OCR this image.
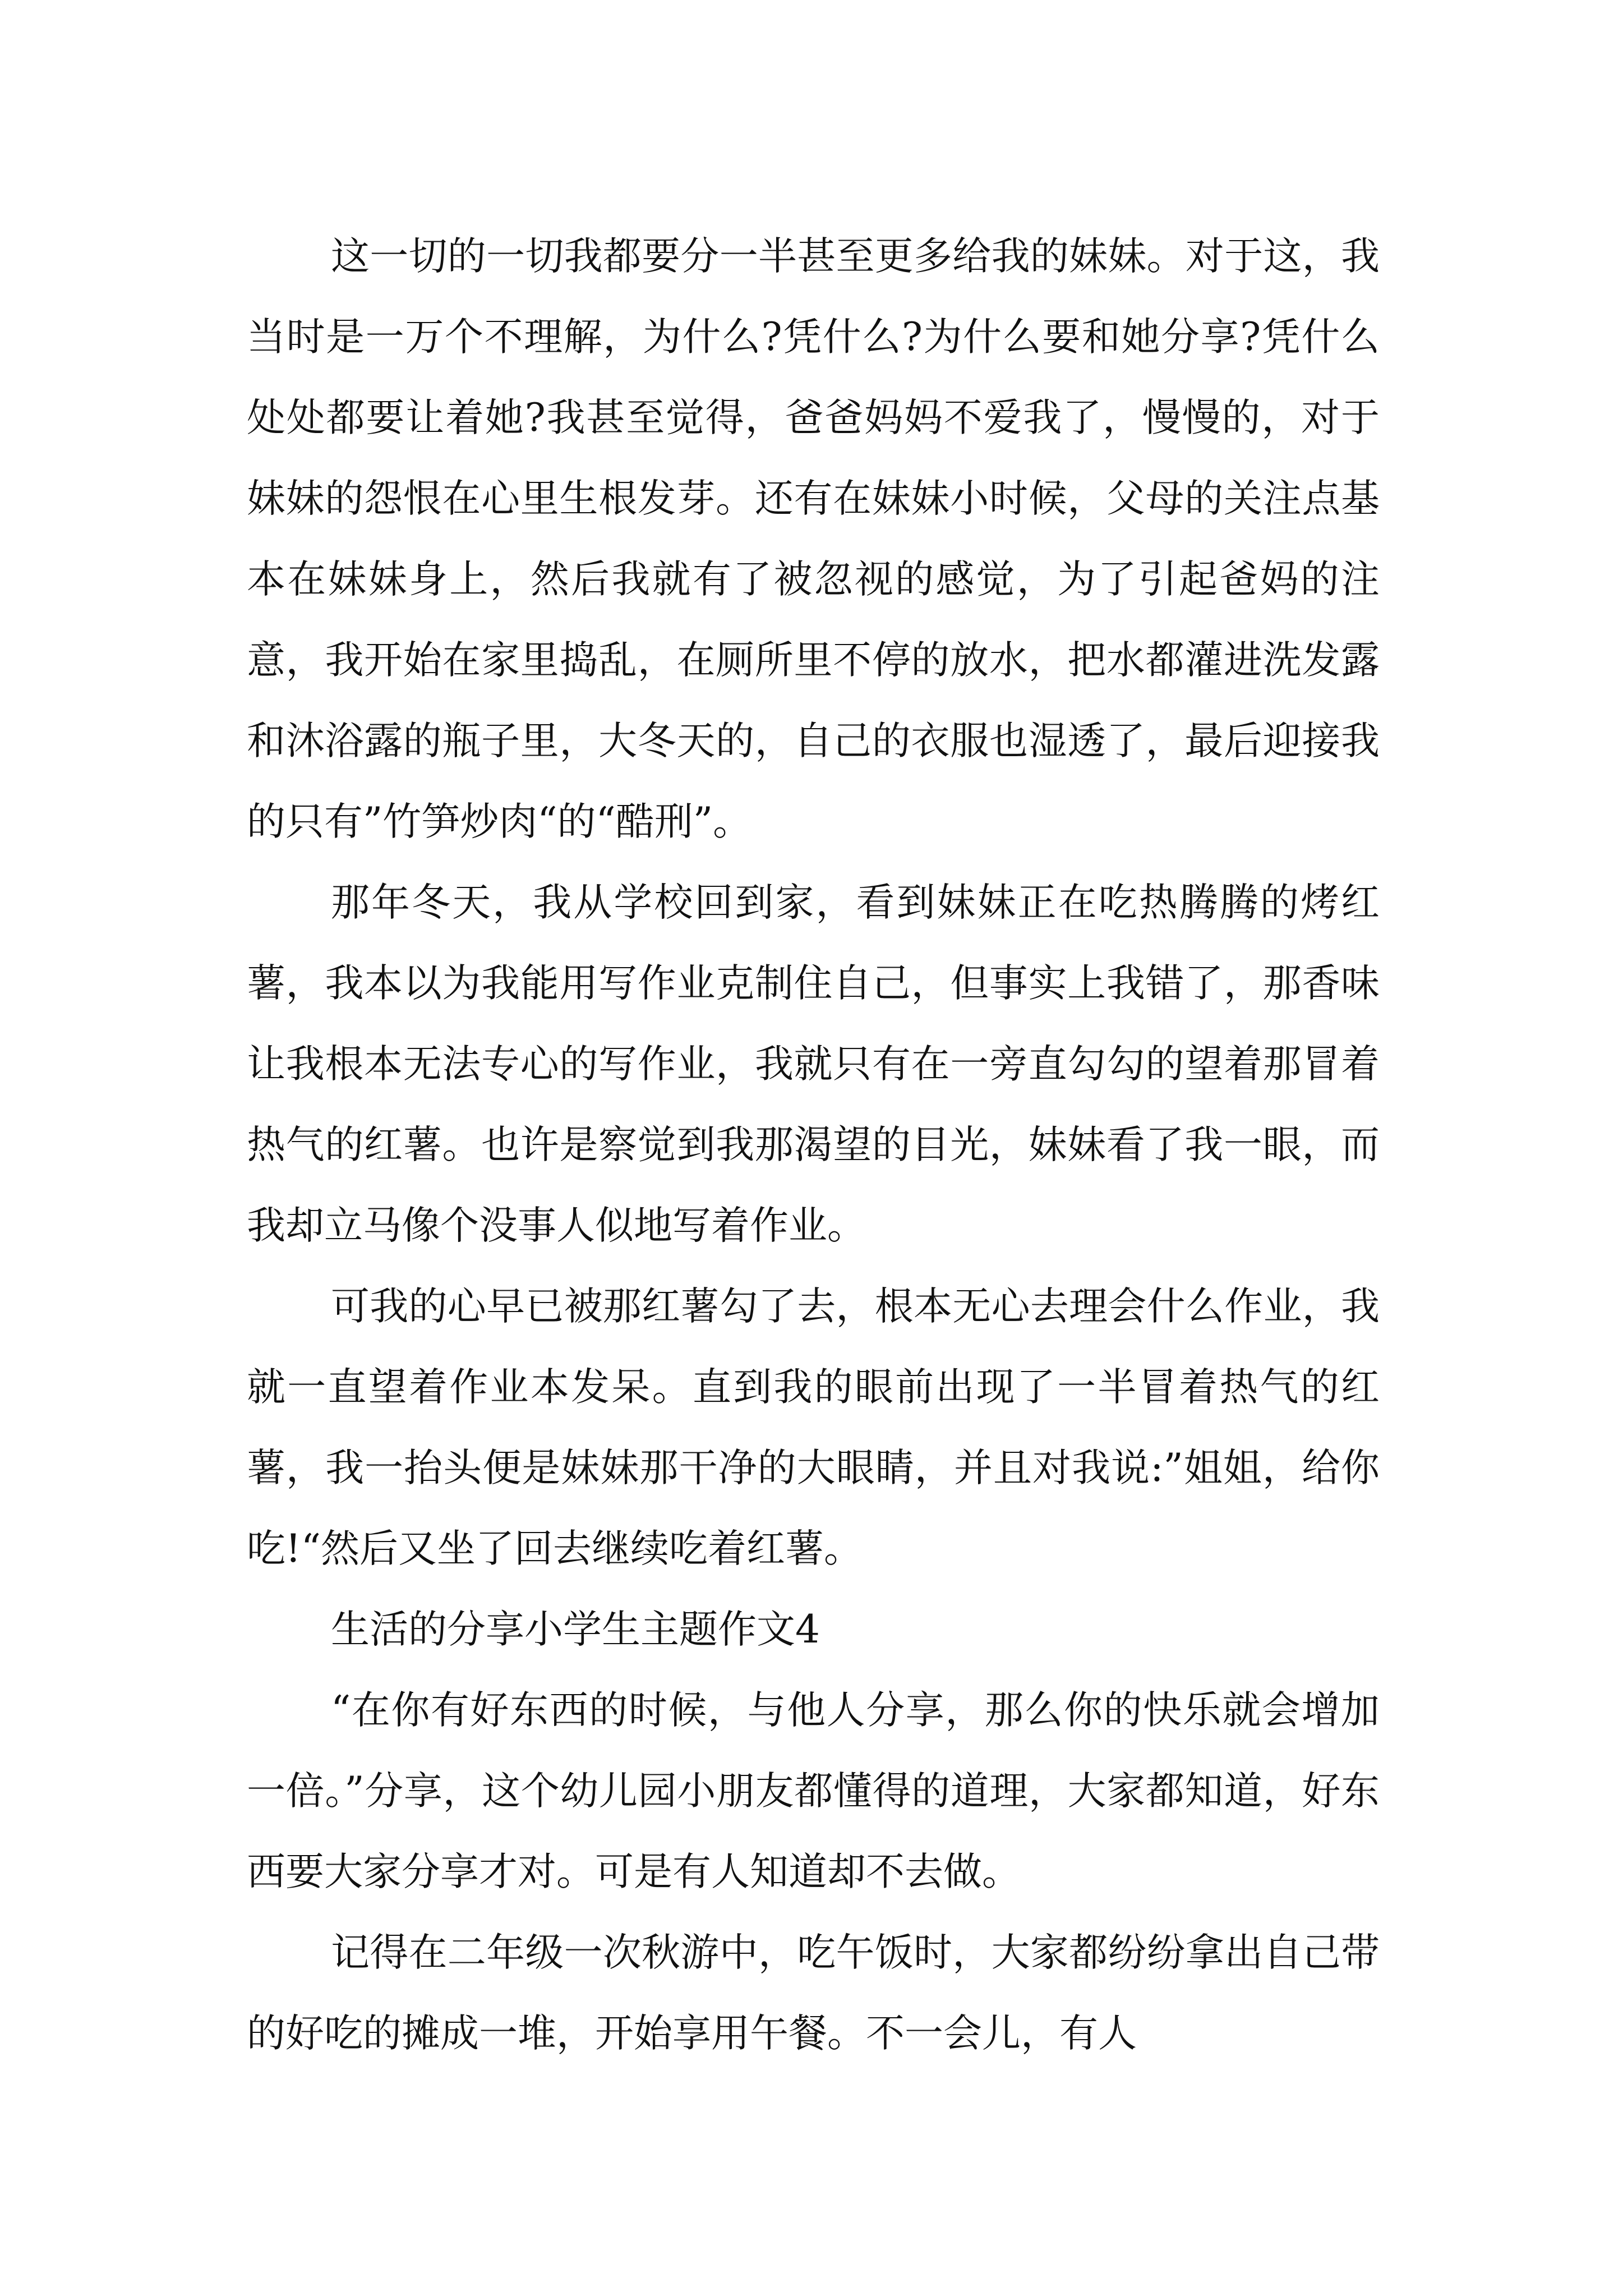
这一切的一切我都要分一半甚至更多给我的妹妹。对于这，我当时是一万个不理解，为什么?凭什么?为什么要和她分享?凭什么处处都要让着她?我甚至觉得，爸爸妈妈不爱我了，慢慢的，对于妹妹的怨恨在心里生根发芽。还有在妹妹小时候，父母的关注点基本在妹妹身上，然后我就有了被忽视的感觉，为了引起爸妈的注意，我开始在家里捣乱，在厕所里不停的放水，把水都灌进洗发露和沐浴露的瓶子里，大冬天的，自己的衣服也湿透了，最后迎接我的只有”竹笋炒肉“的“酷刑”。

那年冬天，我从学校回到家，看到妹妹正在吃热腾腾的烤红薯，我本以为我能用写作业克制住自己，但事实上我错了，那香味让我根本无法专心的写作业，我就只有在一旁直勾勾的望着那冒着热气的红薯。也许是察觉到我那渴望的目光，妹妹看了我一眼，而我却立马像个没事人似地写着作业。

可我的心早已被那红薯勾了去，根本无心去理会什么作业，我就一直望着作业本发呆。直到我的眼前出现了一半冒着热气的红薯，我一抬头便是妹妹那干净的大眼睛，并且对我说:”姐姐，给你吃!“然后又坐了回去继续吃着红薯。

生活的分享小学生主题作文4

“在你有好东西的时候，与他人分享，那么你的快乐就会增加一倍。”分享，这个幼儿园小朋友都懂得的道理，大家都知道，好东西要大家分享才对。可是有人知道却不去做。

记得在二年级一次秋游中，吃午饭时，大家都纷纷拿出自己带的好吃的摊成一堆，开始享用午餐。不一会儿，有人
